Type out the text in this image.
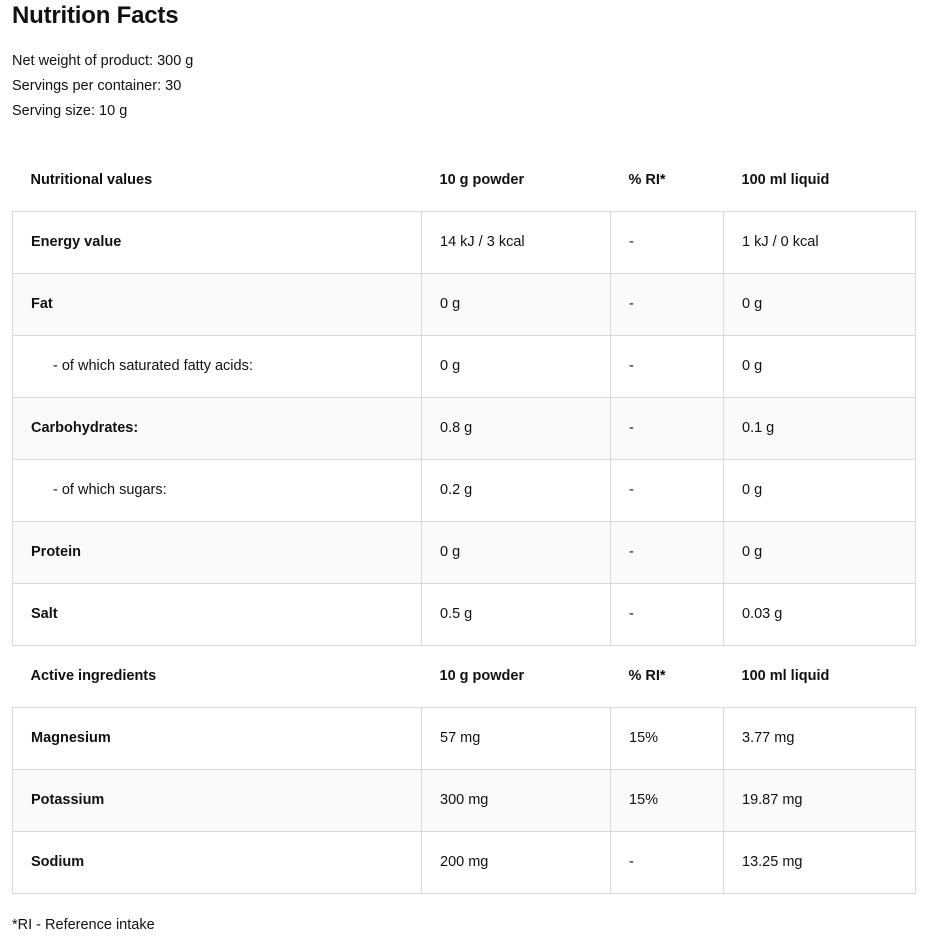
Nutrition Facts
Net weight of product: 300 g
Servings per container: 30
Serving size: 10 g
Nutritional values	10 g powder	% RI*	100 ml liquid
Energy value	14 kJ / 3 kcal	-	1 kJ / 0 kcal
Fat	0 g	-	0 g
- of which saturated fatty acids:	0 g	-	0 g
Carbohydrates:	0.8 g	-	0.1 g
- of which sugars:	0.2 g	-	0 g
Protein	0 g	-	0 g
Salt	0.5 g	-	0.03 g
Active ingredients	10 g powder	% RI*	100 ml liquid
Magnesium	57 mg	15%	3.77 mg
Potassium	300 mg	15%	19.87 mg
Sodium	200 mg	-	13.25 mg
*RI - Reference intake
